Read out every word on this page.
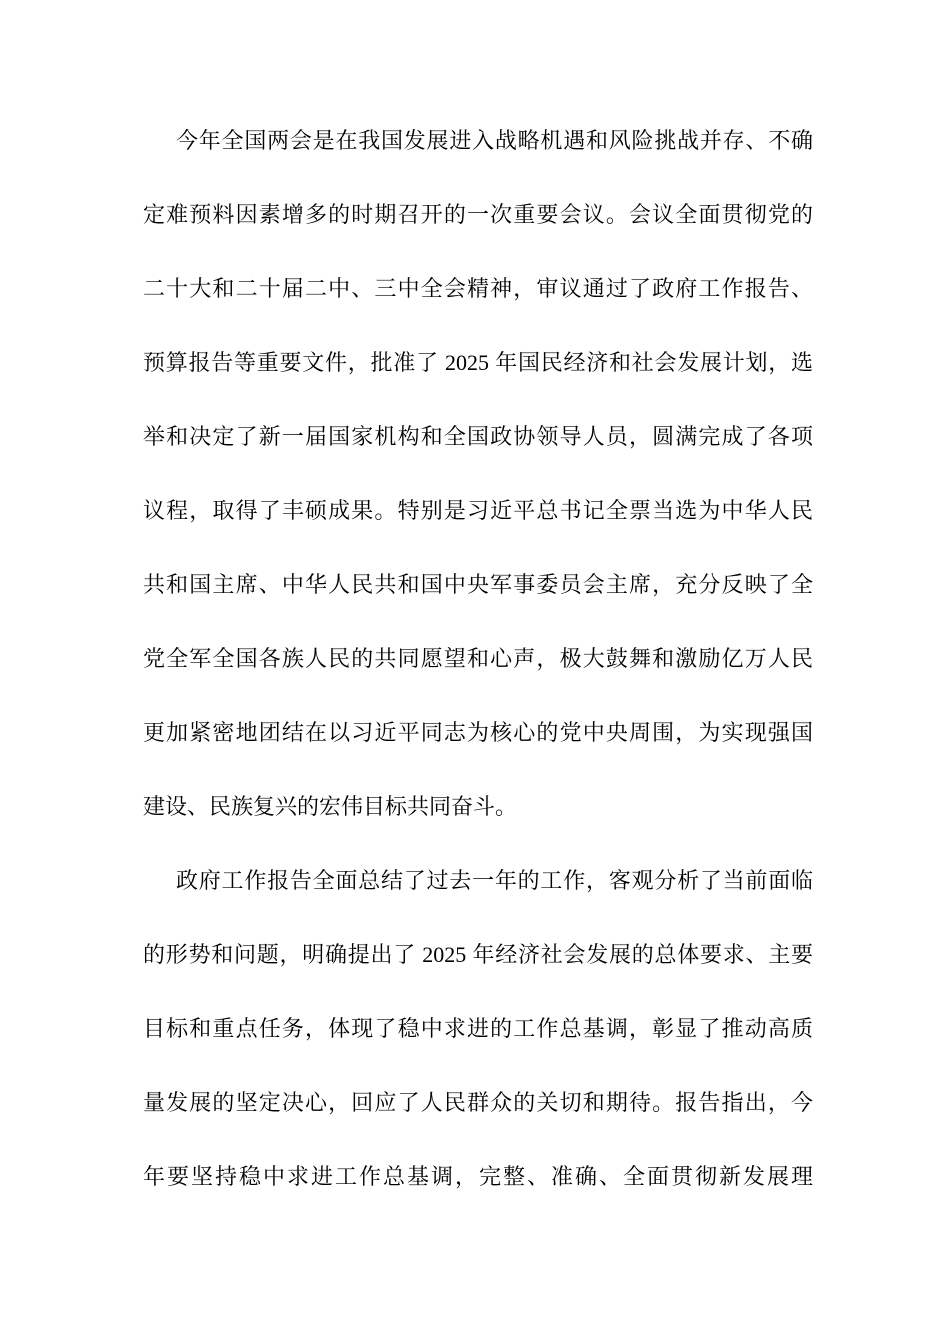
今年全国两会是在我国发展进入战略机遇和风险挑战并存、不确
定难预料因素增多的时期召开的一次重要会议。会议全面贯彻党的
二十大和二十届二中、三中全会精神，审议通过了政府工作报告、
预算报告等重要文件，批准了 2025 年国民经济和社会发展计划，选
举和决定了新一届国家机构和全国政协领导人员，圆满完成了各项
议程，取得了丰硕成果。特别是习近平总书记全票当选为中华人民
共和国主席、中华人民共和国中央军事委员会主席，充分反映了全
党全军全国各族人民的共同愿望和心声，极大鼓舞和激励亿万人民
更加紧密地团结在以习近平同志为核心的党中央周围，为实现强国
建设、民族复兴的宏伟目标共同奋斗。
政府工作报告全面总结了过去一年的工作，客观分析了当前面临
的形势和问题，明确提出了 2025 年经济社会发展的总体要求、主要
目标和重点任务，体现了稳中求进的工作总基调，彰显了推动高质
量发展的坚定决心，回应了人民群众的关切和期待。报告指出，今
年要坚持稳中求进工作总基调，完整、准确、全面贯彻新发展理
